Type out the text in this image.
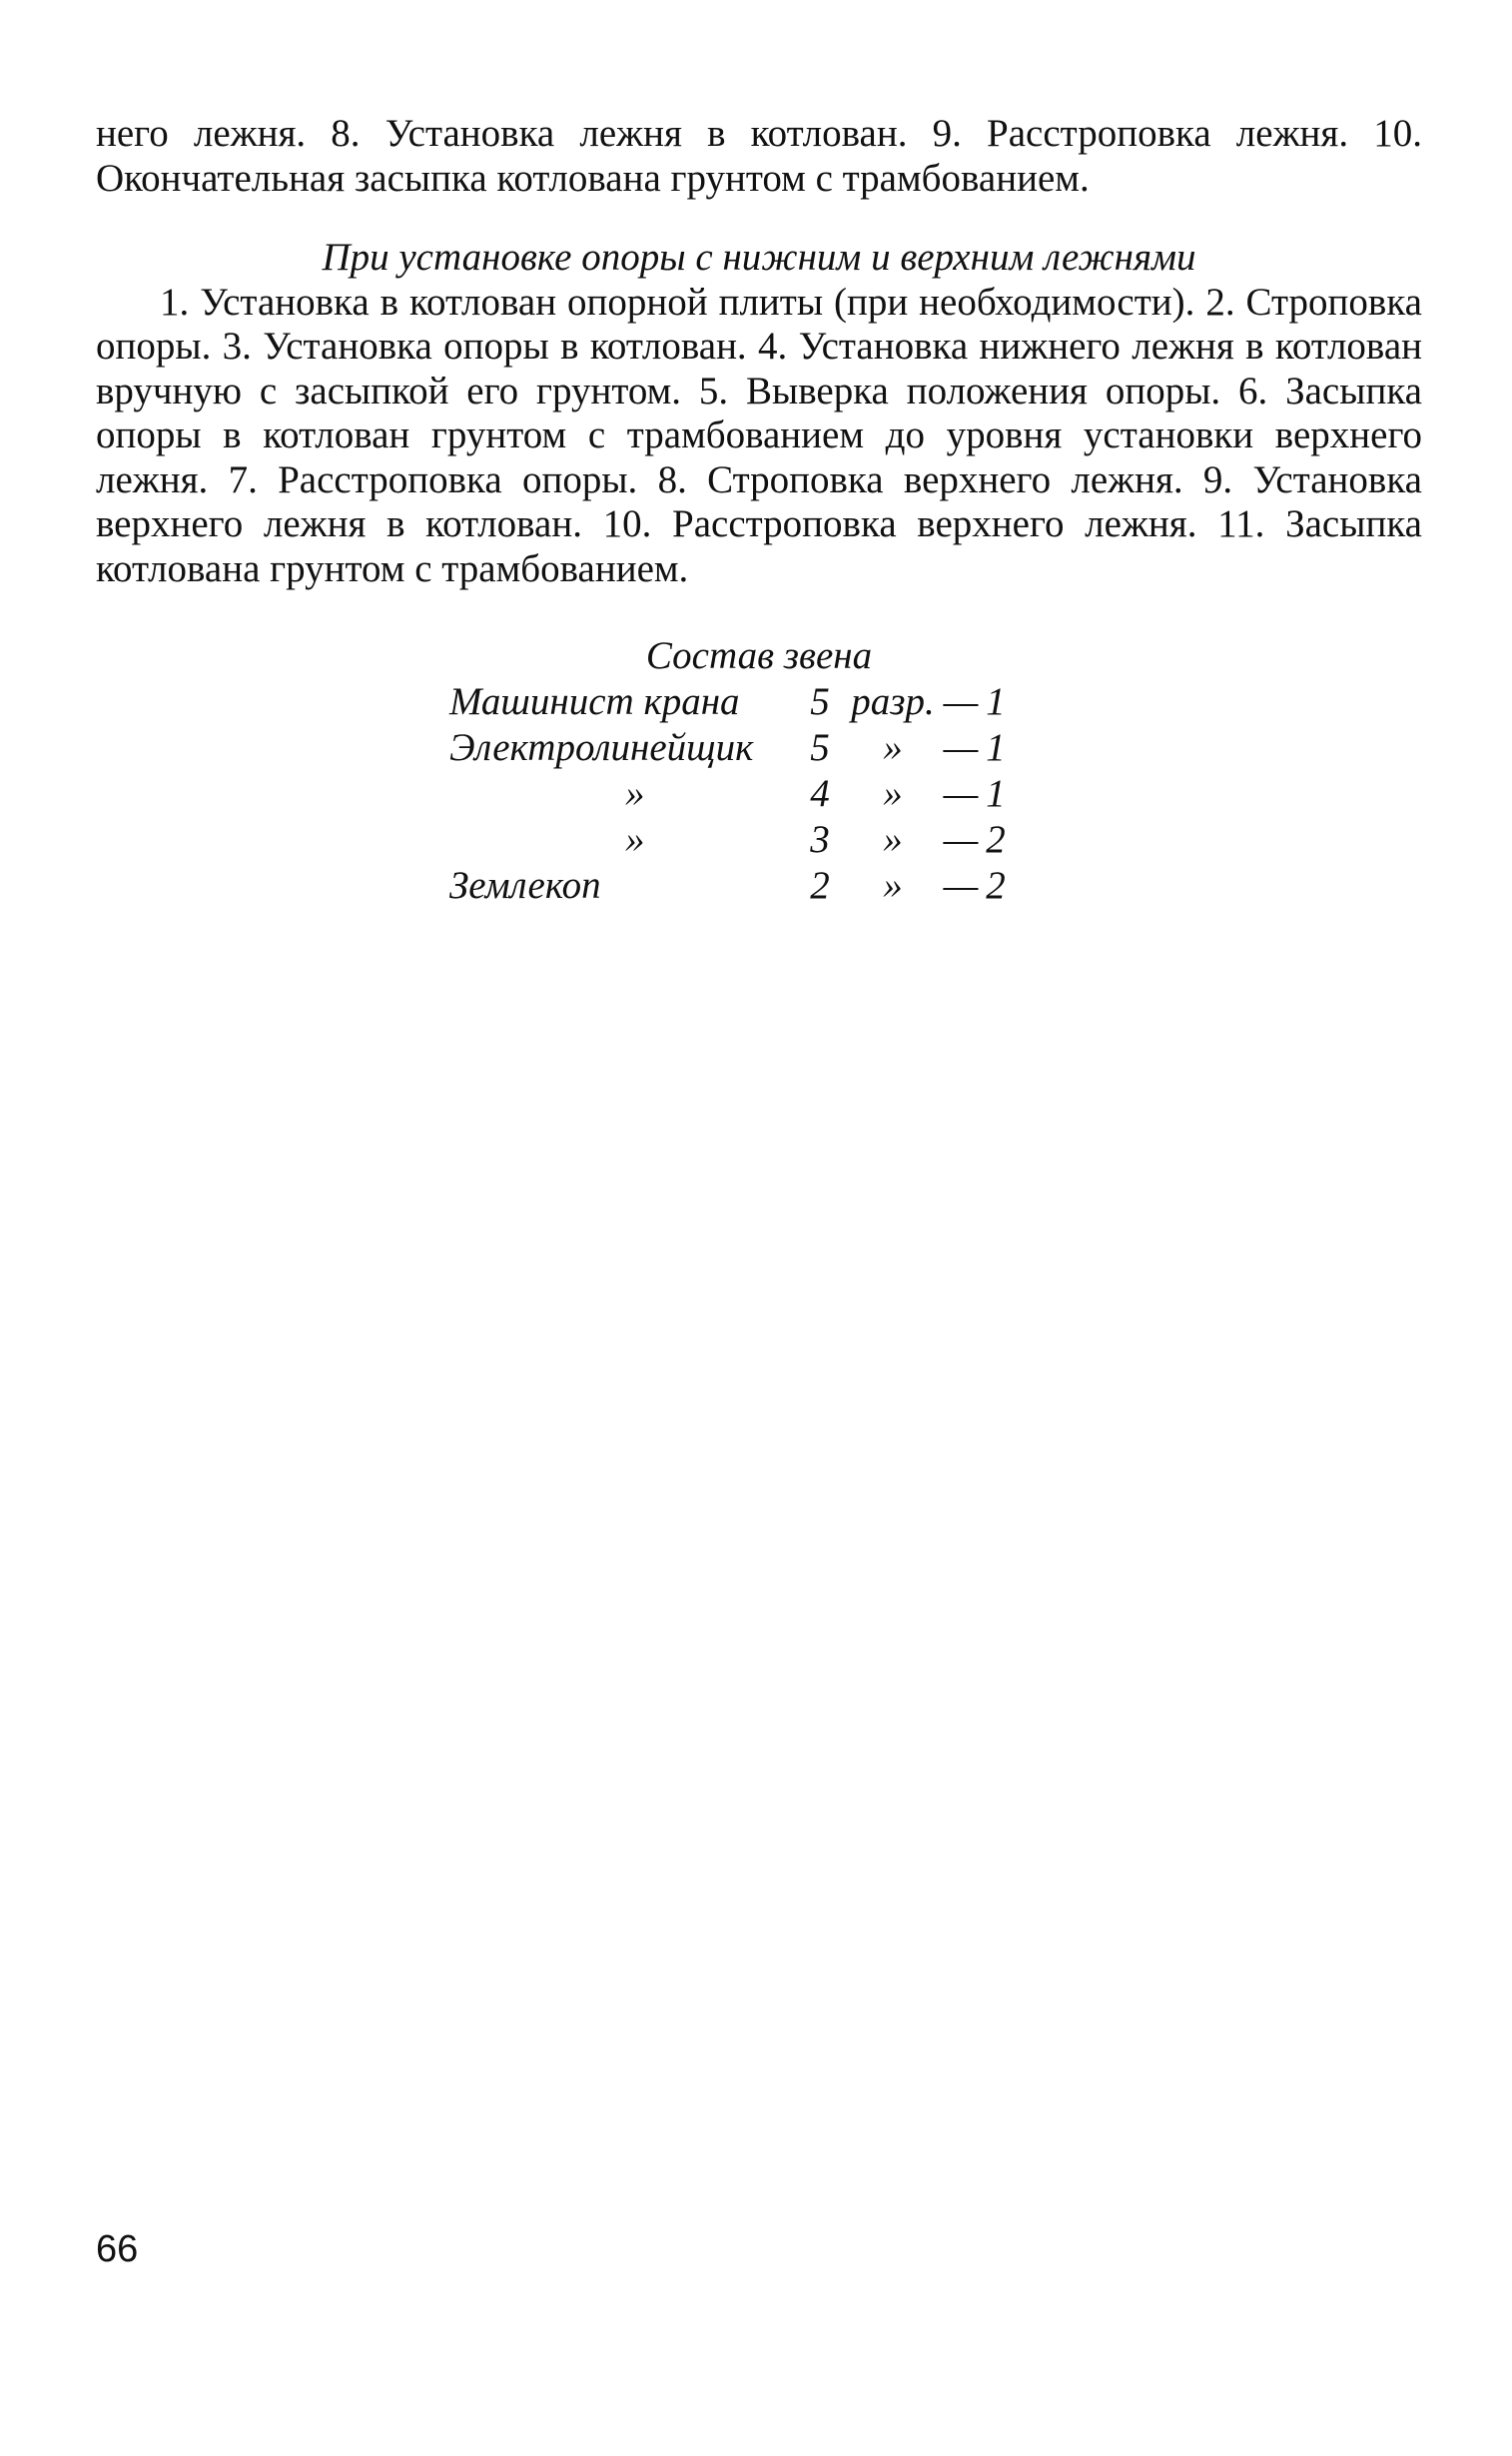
него лежня. 8. Установка лежня в котлован. 9. Расстроповка лежня. 10. Окончательная засыпка котлована грунтом с трамбованием.

При установке опоры с нижним и верхним лежнями

1. Установка в котлован опорной плиты (при необходимости). 2. Строповка опоры. 3. Установка опоры в котлован. 4. Установка нижнего лежня в котлован вручную с засыпкой его грунтом. 5. Выверка положения опоры. 6. Засыпка опоры в котлован грунтом с трамбованием до уровня установки верхнего лежня. 7. Расстроповка опоры. 8. Строповка верхнего лежня. 9. Установка верхнего лежня в котлован. 10. Расстроповка верхнего лежня. 11. Засыпка котлована грунтом с трамбованием.

Состав звена
Машинист крана	5	разр.	—	1
Электролинейщик	5	»	—	1
»	4	»	—	1
»	3	»	—	2
Землекоп	2	»	—	2
66
